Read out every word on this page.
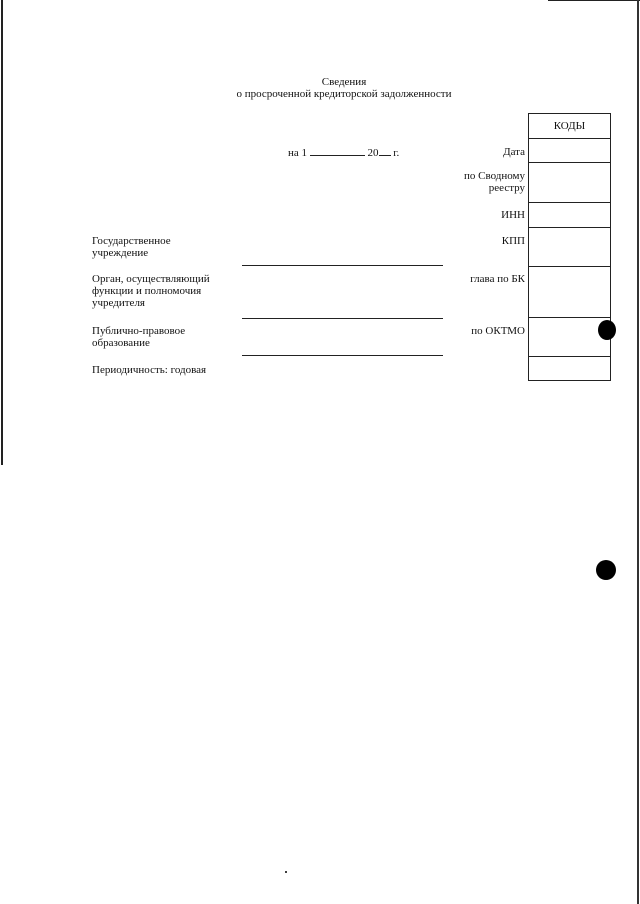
Сведения
о просроченной кредиторской задолженности
на 1	20 г.
КОДЫ
Дата
по Сводному
реестру
ИНН
КПП
глава по БК
по ОКТМО
Государственное
учреждение
Орган, осуществляющий
функции и полномочия
учредителя
Публично-правовое
образование
Периодичность: годовая
